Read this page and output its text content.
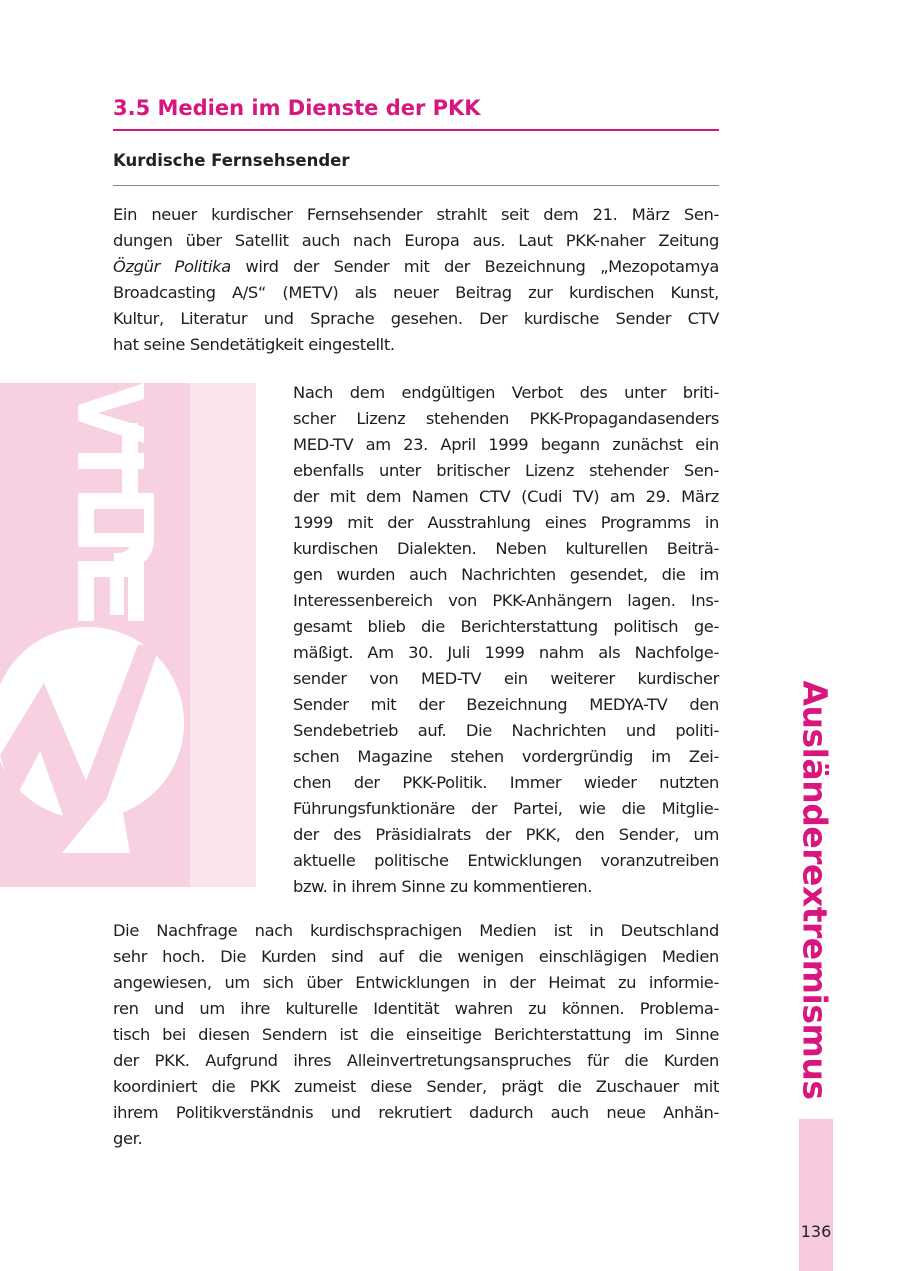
3.5 Medien im Dienste der PKK
Kurdische Fernsehsender

Ein neuer kurdischer Fernsehsender strahlt seit dem 21. März Sen-
dungen über Satellit auch nach Europa aus. Laut PKK-naher Zeitung
Özgür Politika wird der Sender mit der Bezeichnung „Mezopotamya
Broadcasting A/S“ (METV) als neuer Beitrag zur kurdischen Kunst,
Kultur, Literatur und Sprache gesehen. Der kurdische Sender CTV
hat seine Sendetätigkeit eingestellt.

Nach dem endgültigen Verbot des unter briti-
scher Lizenz stehenden PKK-Propagandasenders
MED-TV am 23. April 1999 begann zunächst ein
ebenfalls unter britischer Lizenz stehender Sen-
der mit dem Namen CTV (Cudi TV) am 29. März
1999 mit der Ausstrahlung eines Programms in
kurdischen Dialekten. Neben kulturellen Beiträ-
gen wurden auch Nachrichten gesendet, die im
Interessenbereich von PKK-Anhängern lagen. Ins-
gesamt blieb die Berichterstattung politisch ge-
mäßigt. Am 30. Juli 1999 nahm als Nachfolge-
sender von MED-TV ein weiterer kurdischer
Sender mit der Bezeichnung MEDYA-TV den
Sendebetrieb auf. Die Nachrichten und politi-
schen Magazine stehen vordergründig im Zei-
chen der PKK-Politik. Immer wieder nutzten
Führungsfunktionäre der Partei, wie die Mitglie-
der des Präsidialrats der PKK, den Sender, um
aktuelle politische Entwicklungen voranzutreiben
bzw. in ihrem Sinne zu kommentieren.

Die Nachfrage nach kurdischsprachigen Medien ist in Deutschland
sehr hoch. Die Kurden sind auf die wenigen einschlägigen Medien
angewiesen, um sich über Entwicklungen in der Heimat zu informie-
ren und um ihre kulturelle Identität wahren zu können. Problema-
tisch bei diesen Sendern ist die einseitige Berichterstattung im Sinne
der PKK. Aufgrund ihres Alleinvertretungsanspruches für die Kurden
koordiniert die PKK zumeist diese Sender, prägt die Zuschauer mit
ihrem Politikverständnis und rekrutiert dadurch auch neue Anhän-
ger.

Ausländerextremismus
136
